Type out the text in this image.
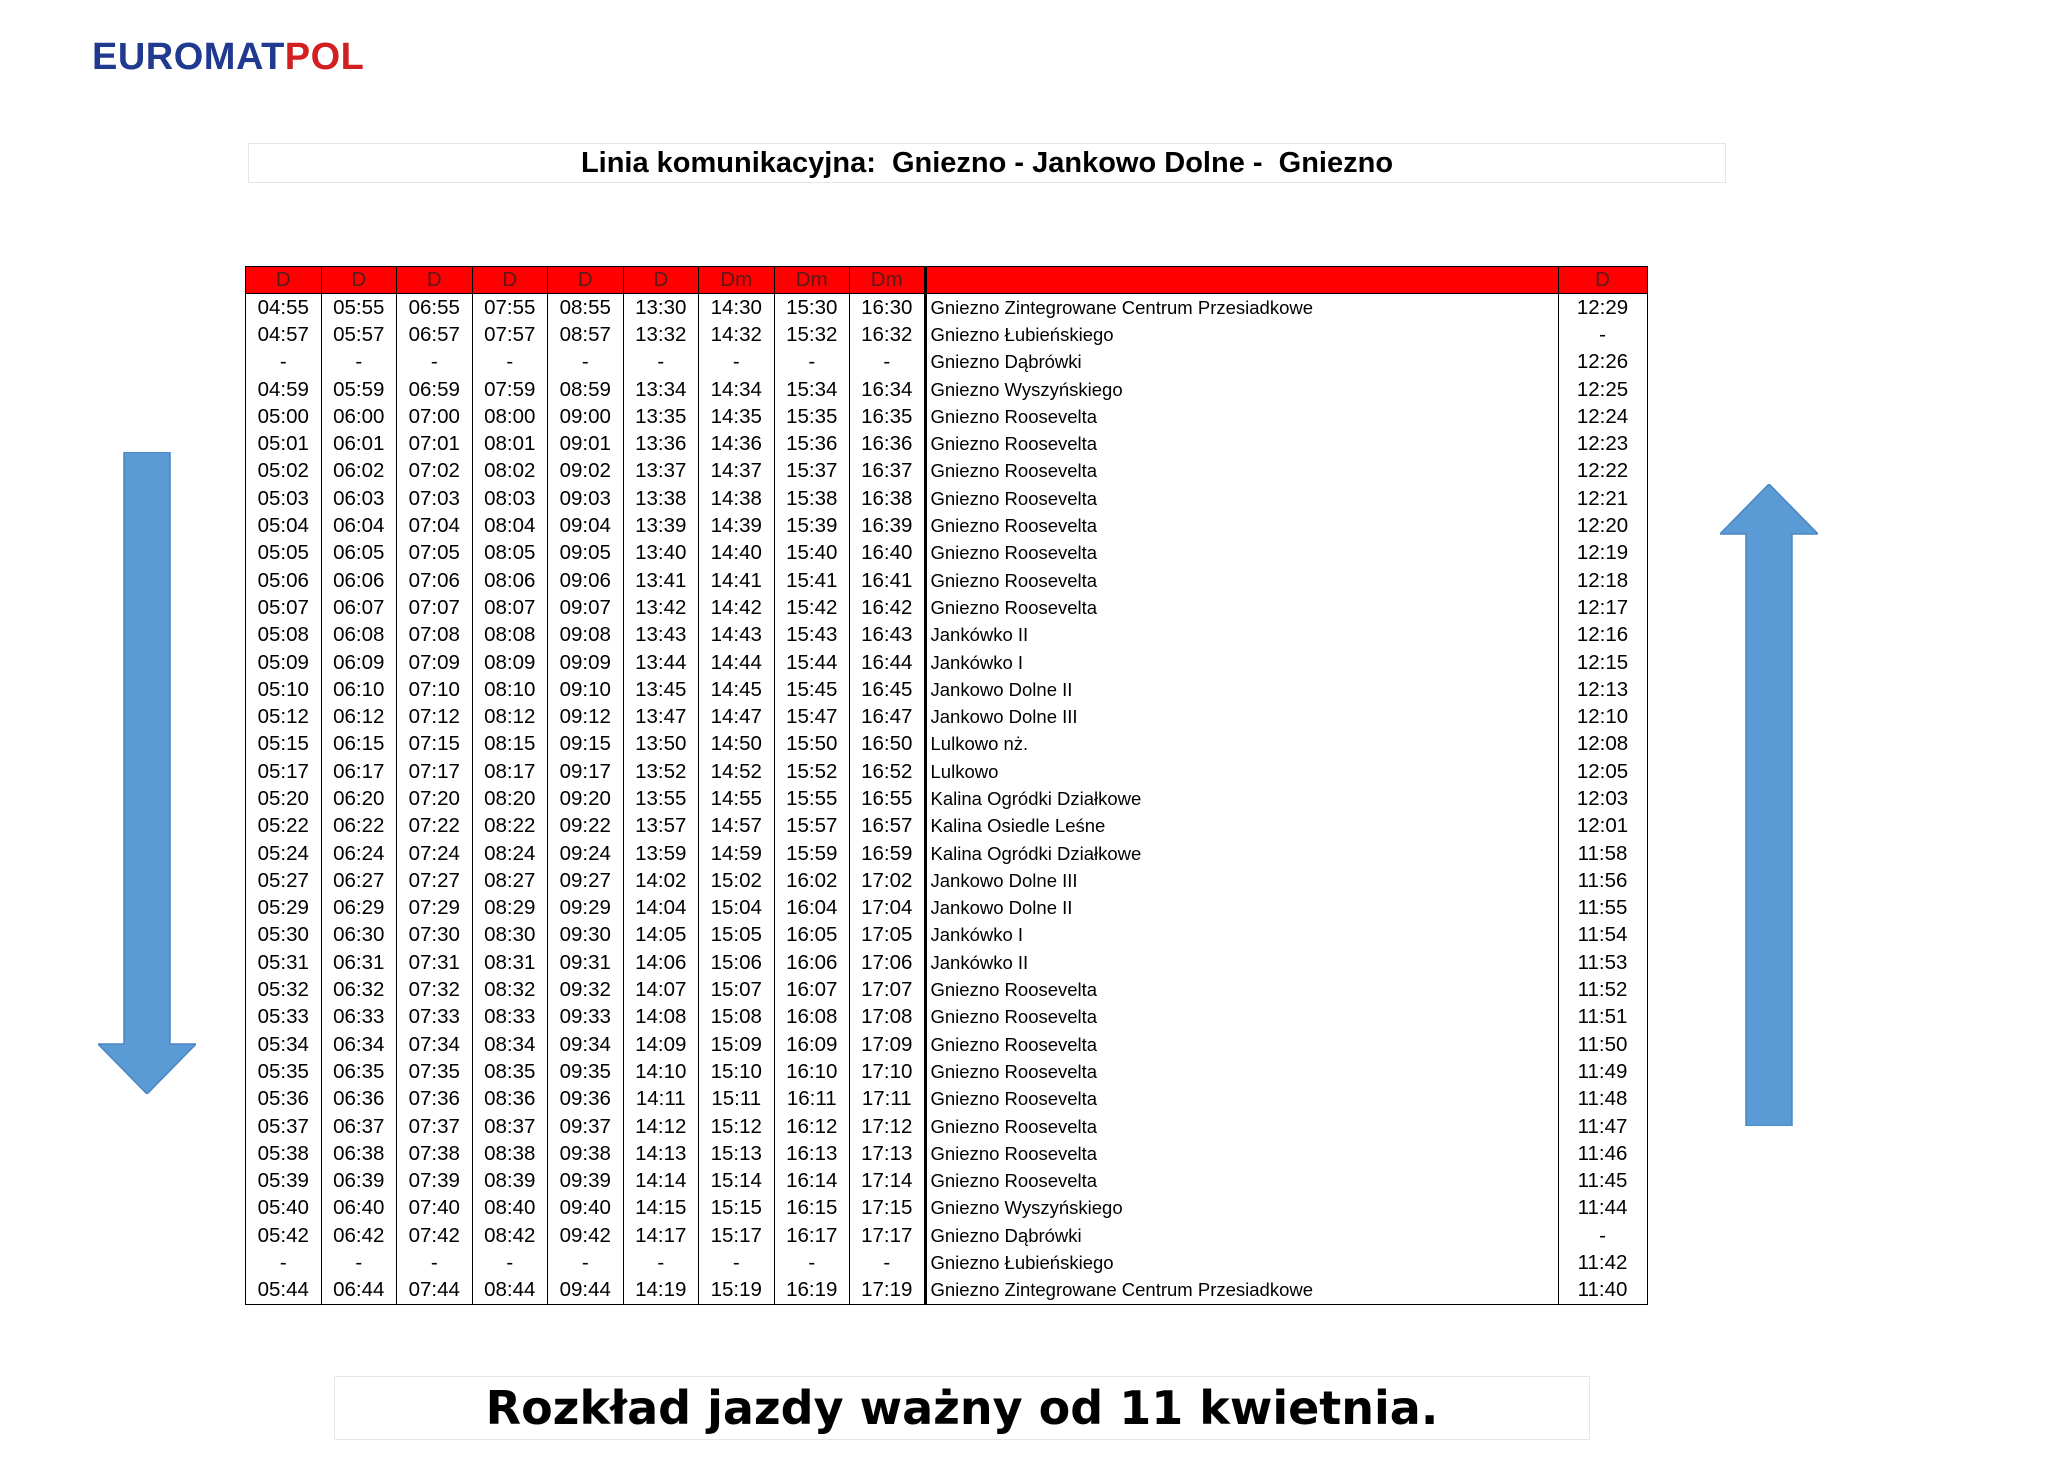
EUROMATPOL
Linia komunikacyjna:  Gniezno - Jankowo Dolne -  Gniezno
D	D	D	D	D	D	Dm	Dm	Dm		D
04:55	05:55	06:55	07:55	08:55	13:30	14:30	15:30	16:30	Gniezno Zintegrowane Centrum Przesiadkowe	12:29
04:57	05:57	06:57	07:57	08:57	13:32	14:32	15:32	16:32	Gniezno Łubieńskiego	-
-	-	-	-	-	-	-	-	-	Gniezno Dąbrówki	12:26
04:59	05:59	06:59	07:59	08:59	13:34	14:34	15:34	16:34	Gniezno Wyszyńskiego	12:25
05:00	06:00	07:00	08:00	09:00	13:35	14:35	15:35	16:35	Gniezno Roosevelta	12:24
05:01	06:01	07:01	08:01	09:01	13:36	14:36	15:36	16:36	Gniezno Roosevelta	12:23
05:02	06:02	07:02	08:02	09:02	13:37	14:37	15:37	16:37	Gniezno Roosevelta	12:22
05:03	06:03	07:03	08:03	09:03	13:38	14:38	15:38	16:38	Gniezno Roosevelta	12:21
05:04	06:04	07:04	08:04	09:04	13:39	14:39	15:39	16:39	Gniezno Roosevelta	12:20
05:05	06:05	07:05	08:05	09:05	13:40	14:40	15:40	16:40	Gniezno Roosevelta	12:19
05:06	06:06	07:06	08:06	09:06	13:41	14:41	15:41	16:41	Gniezno Roosevelta	12:18
05:07	06:07	07:07	08:07	09:07	13:42	14:42	15:42	16:42	Gniezno Roosevelta	12:17
05:08	06:08	07:08	08:08	09:08	13:43	14:43	15:43	16:43	Jankówko II	12:16
05:09	06:09	07:09	08:09	09:09	13:44	14:44	15:44	16:44	Jankówko I	12:15
05:10	06:10	07:10	08:10	09:10	13:45	14:45	15:45	16:45	Jankowo Dolne II	12:13
05:12	06:12	07:12	08:12	09:12	13:47	14:47	15:47	16:47	Jankowo Dolne III	12:10
05:15	06:15	07:15	08:15	09:15	13:50	14:50	15:50	16:50	Lulkowo nż.	12:08
05:17	06:17	07:17	08:17	09:17	13:52	14:52	15:52	16:52	Lulkowo	12:05
05:20	06:20	07:20	08:20	09:20	13:55	14:55	15:55	16:55	Kalina Ogródki Działkowe	12:03
05:22	06:22	07:22	08:22	09:22	13:57	14:57	15:57	16:57	Kalina Osiedle Leśne	12:01
05:24	06:24	07:24	08:24	09:24	13:59	14:59	15:59	16:59	Kalina Ogródki Działkowe	11:58
05:27	06:27	07:27	08:27	09:27	14:02	15:02	16:02	17:02	Jankowo Dolne III	11:56
05:29	06:29	07:29	08:29	09:29	14:04	15:04	16:04	17:04	Jankowo Dolne II	11:55
05:30	06:30	07:30	08:30	09:30	14:05	15:05	16:05	17:05	Jankówko I	11:54
05:31	06:31	07:31	08:31	09:31	14:06	15:06	16:06	17:06	Jankówko II	11:53
05:32	06:32	07:32	08:32	09:32	14:07	15:07	16:07	17:07	Gniezno Roosevelta	11:52
05:33	06:33	07:33	08:33	09:33	14:08	15:08	16:08	17:08	Gniezno Roosevelta	11:51
05:34	06:34	07:34	08:34	09:34	14:09	15:09	16:09	17:09	Gniezno Roosevelta	11:50
05:35	06:35	07:35	08:35	09:35	14:10	15:10	16:10	17:10	Gniezno Roosevelta	11:49
05:36	06:36	07:36	08:36	09:36	14:11	15:11	16:11	17:11	Gniezno Roosevelta	11:48
05:37	06:37	07:37	08:37	09:37	14:12	15:12	16:12	17:12	Gniezno Roosevelta	11:47
05:38	06:38	07:38	08:38	09:38	14:13	15:13	16:13	17:13	Gniezno Roosevelta	11:46
05:39	06:39	07:39	08:39	09:39	14:14	15:14	16:14	17:14	Gniezno Roosevelta	11:45
05:40	06:40	07:40	08:40	09:40	14:15	15:15	16:15	17:15	Gniezno Wyszyńskiego	11:44
05:42	06:42	07:42	08:42	09:42	14:17	15:17	16:17	17:17	Gniezno Dąbrówki	-
-	-	-	-	-	-	-	-	-	Gniezno Łubieńskiego	11:42
05:44	06:44	07:44	08:44	09:44	14:19	15:19	16:19	17:19	Gniezno Zintegrowane Centrum Przesiadkowe	11:40
Rozkład jazdy ważny od 11 kwietnia.
